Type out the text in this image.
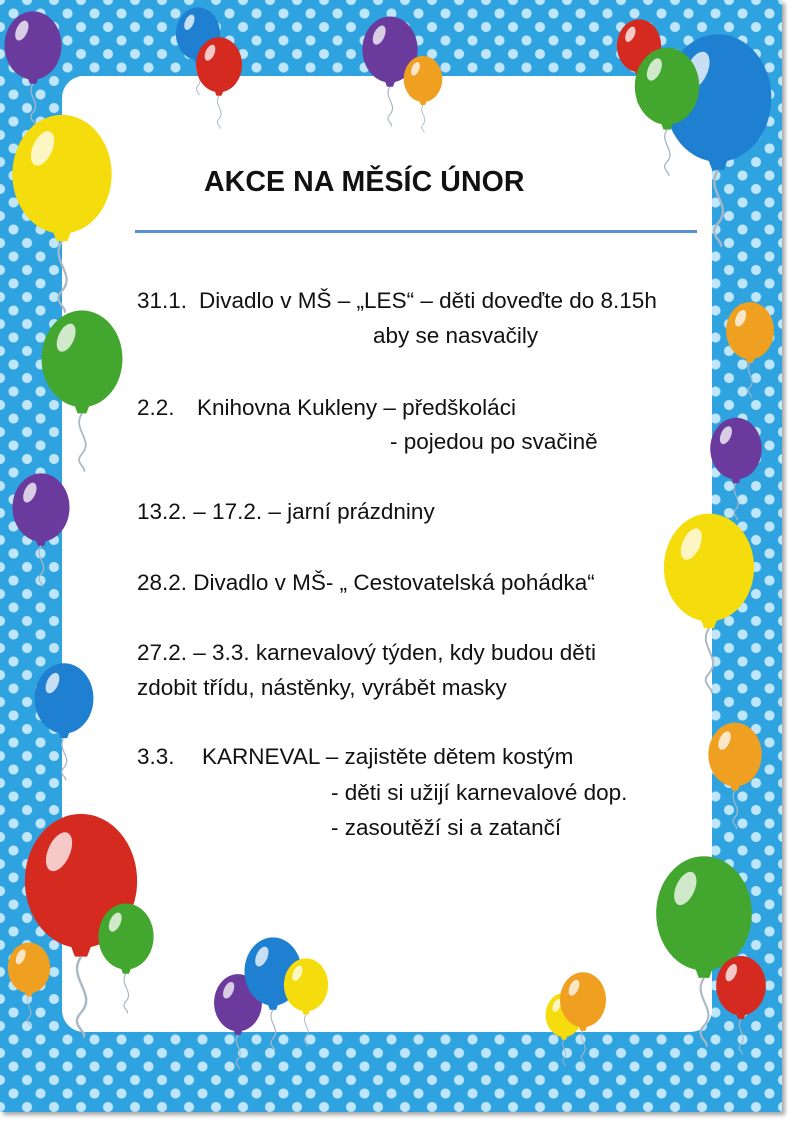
AKCE NA MĚSÍC ÚNOR
31.1. Divadlo v MŠ – „LES“ – děti doveďte do 8.15h
aby se nasvačily
2.2. Knihovna Kukleny – předškoláci
- pojedou po svačině
13.2. – 17.2. – jarní prázdniny
28.2. Divadlo v MŠ- „ Cestovatelská pohádka“
27.2. – 3.3. karnevalový týden, kdy budou děti
zdobit třídu, nástěnky, vyrábět masky
3.3. KARNEVAL – zajistěte dětem kostým
- děti si užijí karnevalové dop.
- zasoutěží si a zatančí
